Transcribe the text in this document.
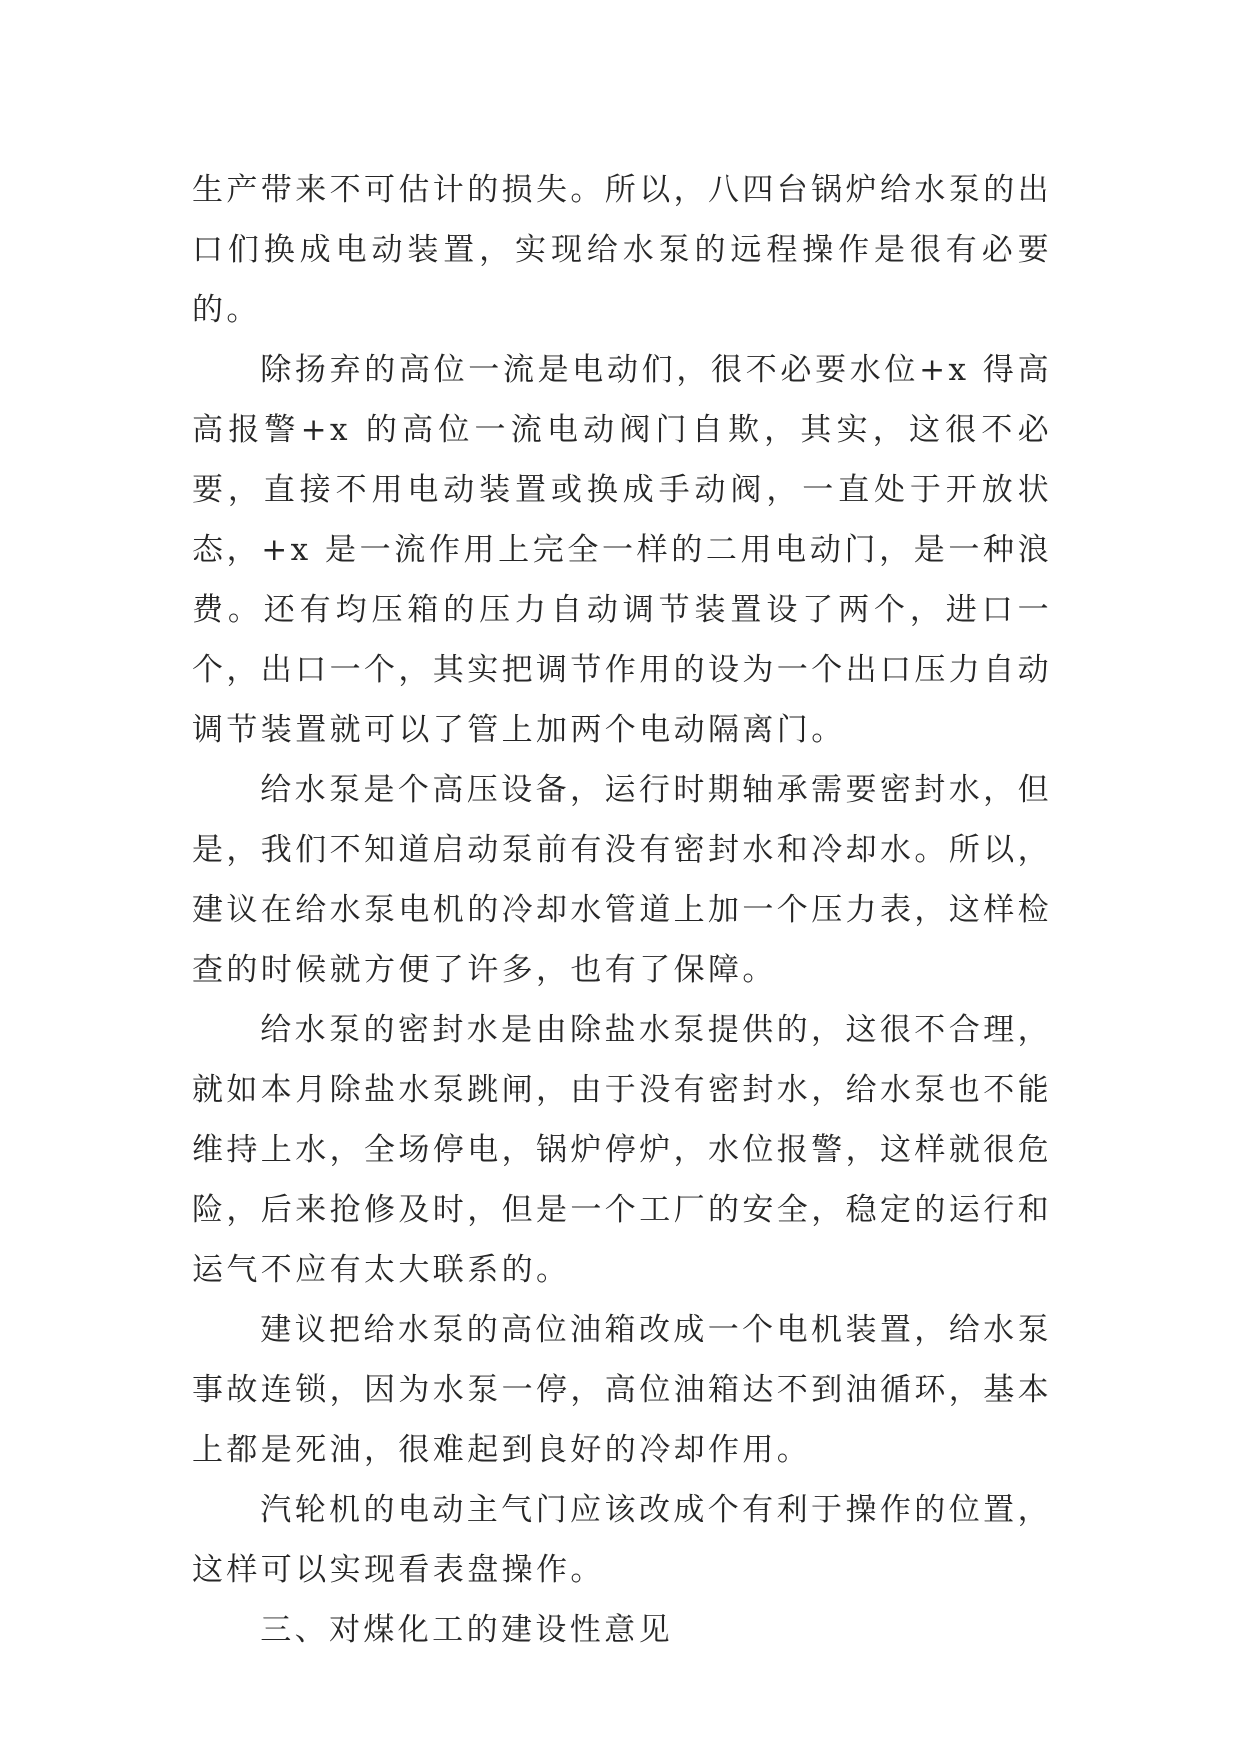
生产带来不可估计的损失。所以，八四台锅炉给水泵的出口们换成电动装置，实现给水泵的远程操作是很有必要的。

除扬弃的高位一流是电动们，很不必要水位+x 得高高报警+x 的高位一流电动阀门自欺，其实，这很不必要，直接不用电动装置或换成手动阀，一直处于开放状态，+x 是一流作用上完全一样的二用电动门，是一种浪费。还有均压箱的压力自动调节装置设了两个，进口一个，出口一个，其实把调节作用的设为一个出口压力自动调节装置就可以了管上加两个电动隔离门。

给水泵是个高压设备，运行时期轴承需要密封水，但是，我们不知道启动泵前有没有密封水和冷却水。所以，建议在给水泵电机的冷却水管道上加一个压力表，这样检查的时候就方便了许多，也有了保障。

给水泵的密封水是由除盐水泵提供的，这很不合理，就如本月除盐水泵跳闸，由于没有密封水，给水泵也不能维持上水，全场停电，锅炉停炉，水位报警，这样就很危险，后来抢修及时，但是一个工厂的安全，稳定的运行和运气不应有太大联系的。

建议把给水泵的高位油箱改成一个电机装置，给水泵事故连锁，因为水泵一停，高位油箱达不到油循环，基本上都是死油，很难起到良好的冷却作用。

汽轮机的电动主气门应该改成个有利于操作的位置，这样可以实现看表盘操作。

三、对煤化工的建设性意见
